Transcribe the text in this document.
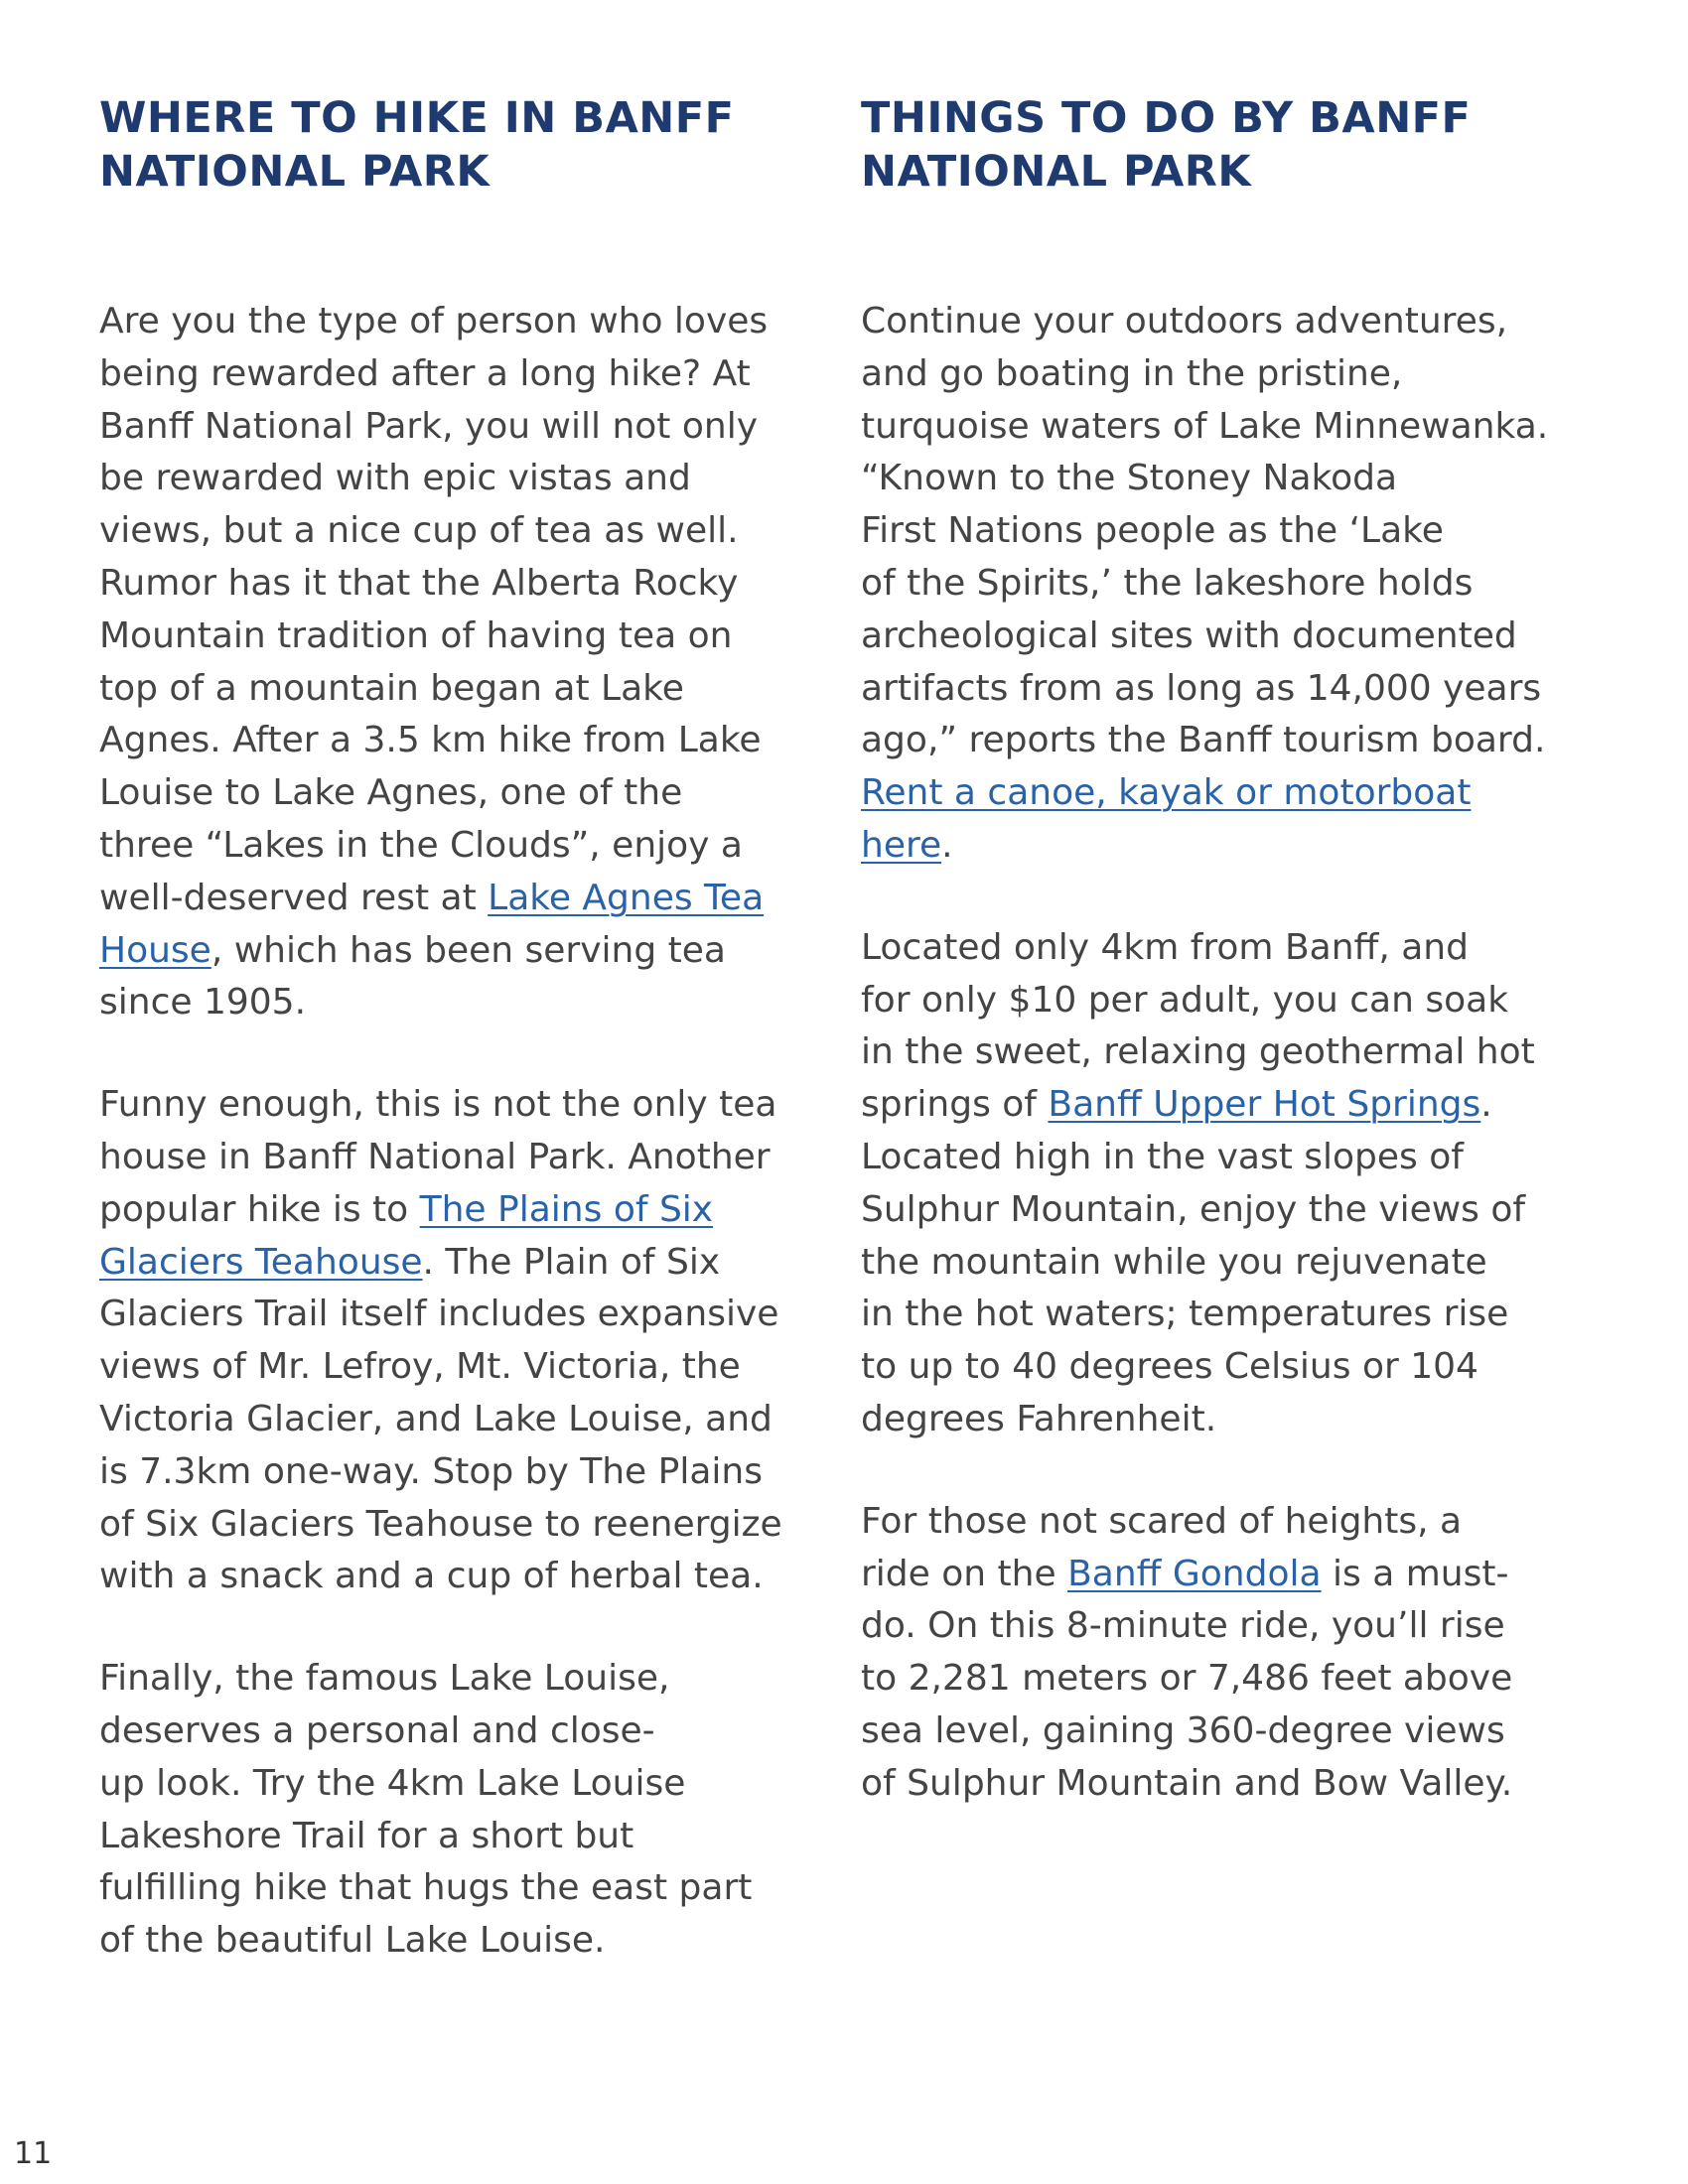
WHERE TO HIKE IN BANFF
NATIONAL PARK

Are you the type of person who loves
being rewarded after a long hike? At
Banff National Park, you will not only
be rewarded with epic vistas and
views, but a nice cup of tea as well.
Rumor has it that the Alberta Rocky
Mountain tradition of having tea on
top of a mountain began at Lake
Agnes. After a 3.5 km hike from Lake
Louise to Lake Agnes, one of the
three “Lakes in the Clouds”, enjoy a
well-deserved rest at Lake Agnes Tea
House, which has been serving tea
since 1905.

Funny enough, this is not the only tea
house in Banff National Park. Another
popular hike is to The Plains of Six
Glaciers Teahouse. The Plain of Six
Glaciers Trail itself includes expansive
views of Mr. Lefroy, Mt. Victoria, the
Victoria Glacier, and Lake Louise, and
is 7.3km one-way. Stop by The Plains
of Six Glaciers Teahouse to reenergize
with a snack and a cup of herbal tea.

Finally, the famous Lake Louise,
deserves a personal and close-
up look. Try the 4km Lake Louise
Lakeshore Trail for a short but
fulfilling hike that hugs the east part
of the beautiful Lake Louise.

THINGS TO DO BY BANFF
NATIONAL PARK

Continue your outdoors adventures,
and go boating in the pristine,
turquoise waters of Lake Minnewanka.
“Known to the Stoney Nakoda
First Nations people as the ‘Lake
of the Spirits,’ the lakeshore holds
archeological sites with documented
artifacts from as long as 14,000 years
ago,” reports the Banff tourism board.
Rent a canoe, kayak or motorboat
here.

Located only 4km from Banff, and
for only $10 per adult, you can soak
in the sweet, relaxing geothermal hot
springs of Banff Upper Hot Springs.
Located high in the vast slopes of
Sulphur Mountain, enjoy the views of
the mountain while you rejuvenate
in the hot waters; temperatures rise
to up to 40 degrees Celsius or 104
degrees Fahrenheit.

For those not scared of heights, a
ride on the Banff Gondola is a must-
do. On this 8-minute ride, you’ll rise
to 2,281 meters or 7,486 feet above
sea level, gaining 360-degree views
of Sulphur Mountain and Bow Valley.

11
